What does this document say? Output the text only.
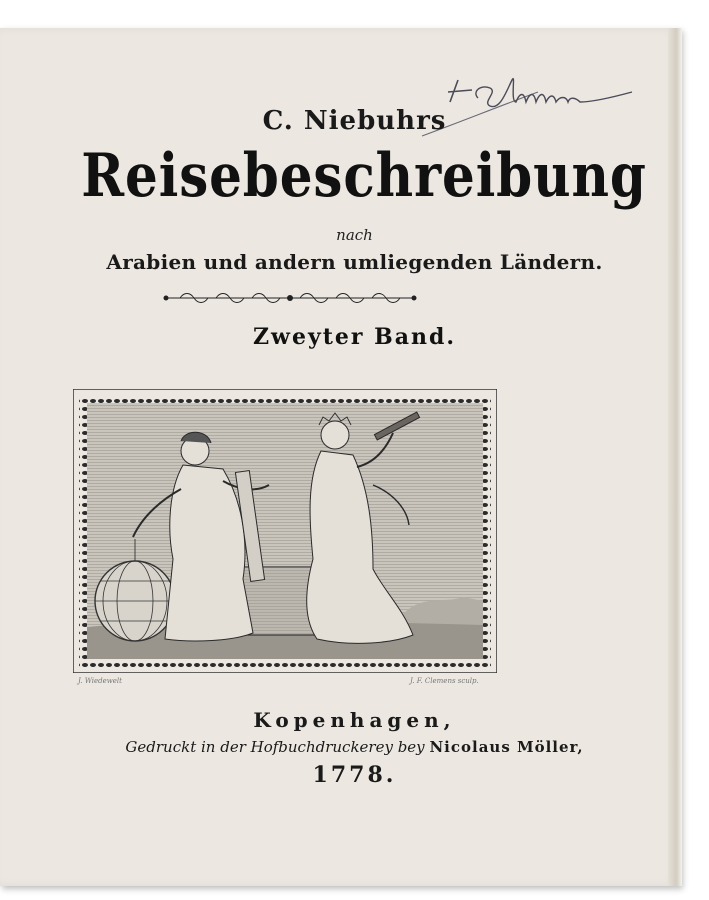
C. Niebuhrs
Reisebeschreibung
nach
Arabien und andern umliegenden Ländern.
Zweyter Band.
J. Wiedewelt	J. F. Clemens sculp.
Kopenhagen,
Gedruckt in der Hofbuchdruckerey bey Nicolaus Möller,
1778.
